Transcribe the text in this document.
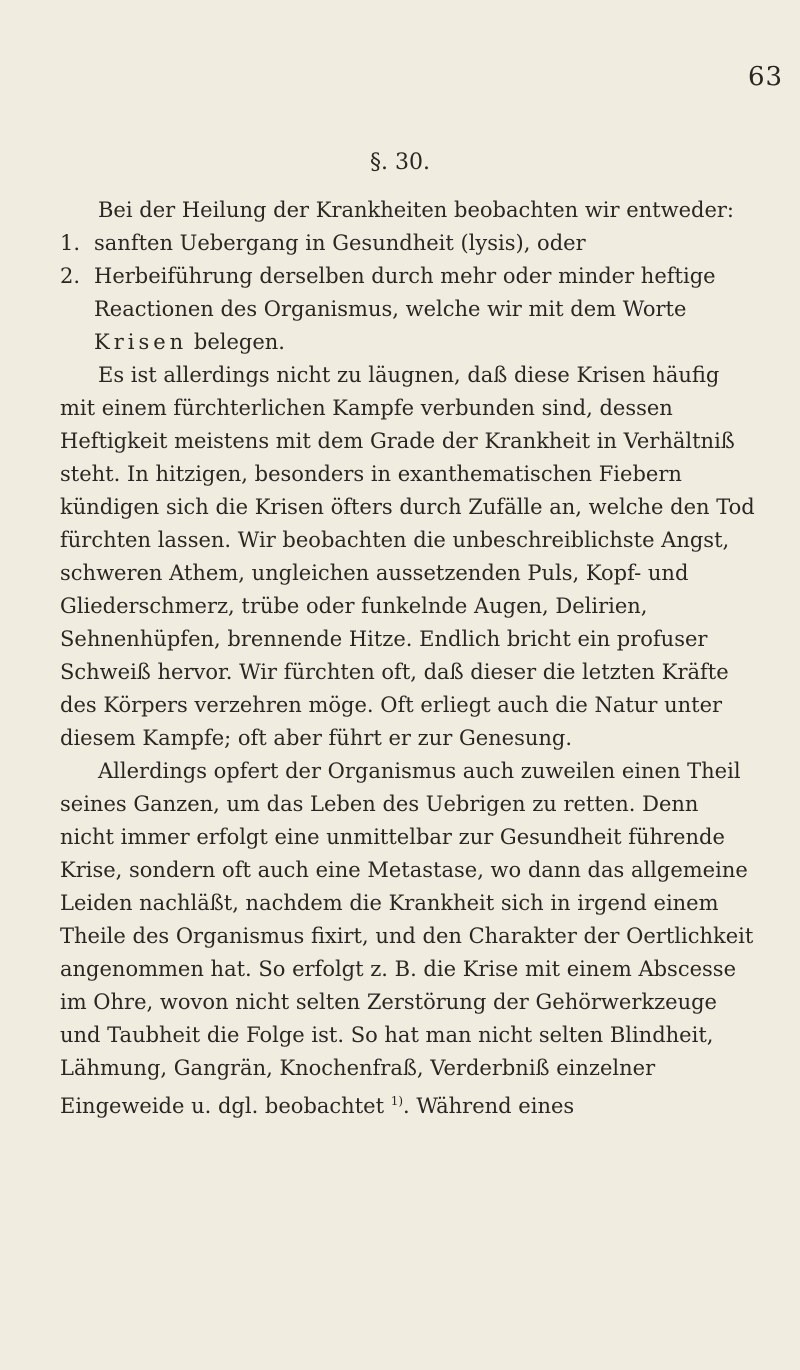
63
§. 30.

Bei der Heilung der Krankheiten beobachten wir entweder:

1. sanften Uebergang in Gesundheit (lysis), oder

2. Herbeiführung derselben durch mehr oder minder heftige Reactionen des Organismus, welche wir mit dem Worte Krisen belegen.

Es ist allerdings nicht zu läugnen, daß diese Krisen häufig mit einem fürchterlichen Kampfe verbunden sind, dessen Heftigkeit meistens mit dem Grade der Krankheit in Verhältniß steht. In hitzigen, besonders in exanthematischen Fiebern kündigen sich die Krisen öfters durch Zufälle an, welche den Tod fürchten lassen. Wir beobachten die unbeschreiblichste Angst, schweren Athem, ungleichen aussetzenden Puls, Kopf- und Gliederschmerz, trübe oder funkelnde Augen, Delirien, Sehnenhüpfen, brennende Hitze. Endlich bricht ein profuser Schweiß hervor. Wir fürchten oft, daß dieser die letzten Kräfte des Körpers verzehren möge. Oft erliegt auch die Natur unter diesem Kampfe; oft aber führt er zur Genesung.

Allerdings opfert der Organismus auch zuweilen einen Theil seines Ganzen, um das Leben des Uebrigen zu retten. Denn nicht immer erfolgt eine unmittelbar zur Gesundheit führende Krise, sondern oft auch eine Metastase, wo dann das allgemeine Leiden nachläßt, nachdem die Krankheit sich in irgend einem Theile des Organismus fixirt, und den Charakter der Oertlichkeit angenommen hat. So erfolgt z. B. die Krise mit einem Abscesse im Ohre, wovon nicht selten Zerstörung der Gehörwerkzeuge und Taubheit die Folge ist. So hat man nicht selten Blindheit, Lähmung, Gangrän, Knochenfraß, Verderbniß einzelner Eingeweide u. dgl. beobachtet $^{1)}$. Während eines
